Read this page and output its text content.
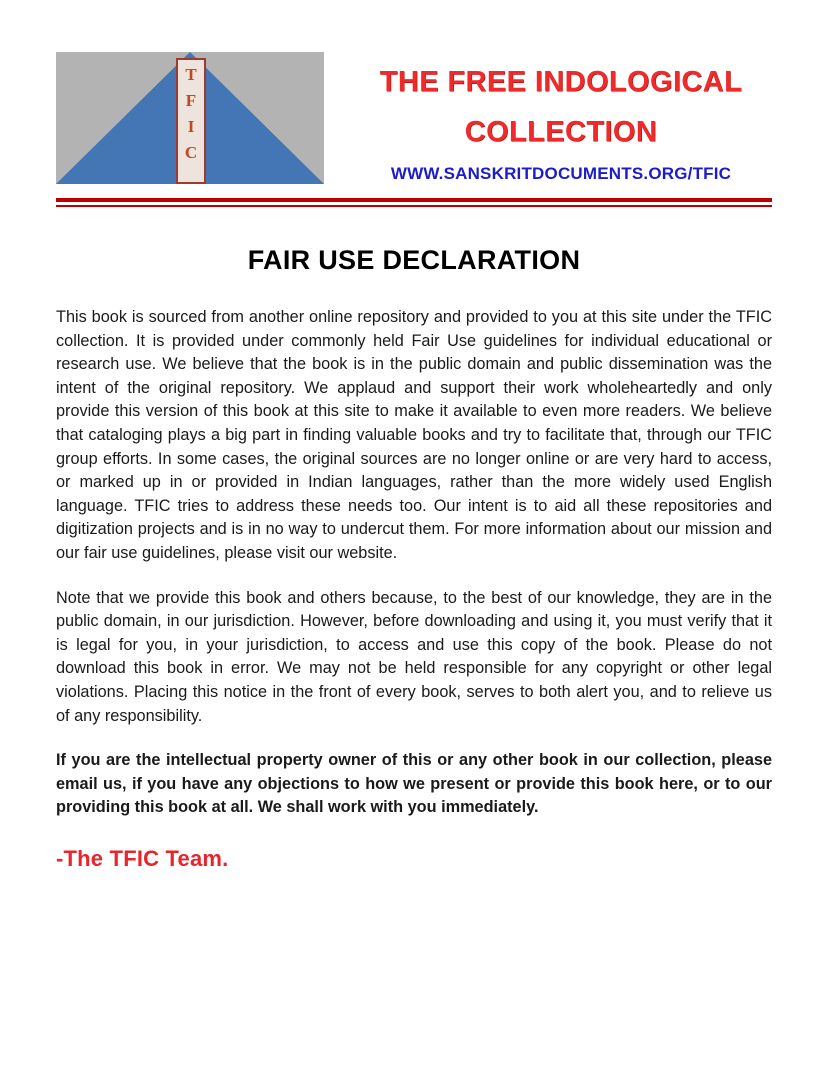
T
F
I
C
THE FREE INDOLOGICAL
COLLECTION
WWW.SANSKRITDOCUMENTS.ORG/TFIC
FAIR USE DECLARATION

This book is sourced from another online repository and provided to you at this site under the TFIC collection. It is provided under commonly held Fair Use guidelines for individual educational or research use. We believe that the book is in the public domain and public dissemination was the intent of the original repository. We applaud and support their work wholeheartedly and only provide this version of this book at this site to make it available to even more readers. We believe that cataloging plays a big part in finding valuable books and try to facilitate that, through our TFIC group efforts. In some cases, the original sources are no longer online or are very hard to access, or marked up in or provided in Indian languages, rather than the more widely used English language. TFIC tries to address these needs too. Our intent is to aid all these repositories and digitization projects and is in no way to undercut them. For more information about our mission and our fair use guidelines, please visit our website.

Note that we provide this book and others because, to the best of our knowledge, they are in the public domain, in our jurisdiction. However, before downloading and using it, you must verify that it is legal for you, in your jurisdiction, to access and use this copy of the book. Please do not download this book in error. We may not be held responsible for any copyright or other legal violations. Placing this notice in the front of every book, serves to both alert you, and to relieve us of any responsibility.

If you are the intellectual property owner of this or any other book in our collection, please email us, if you have any objections to how we present or provide this book here, or to our providing this book at all. We shall work with you immediately.

-The TFIC Team.
